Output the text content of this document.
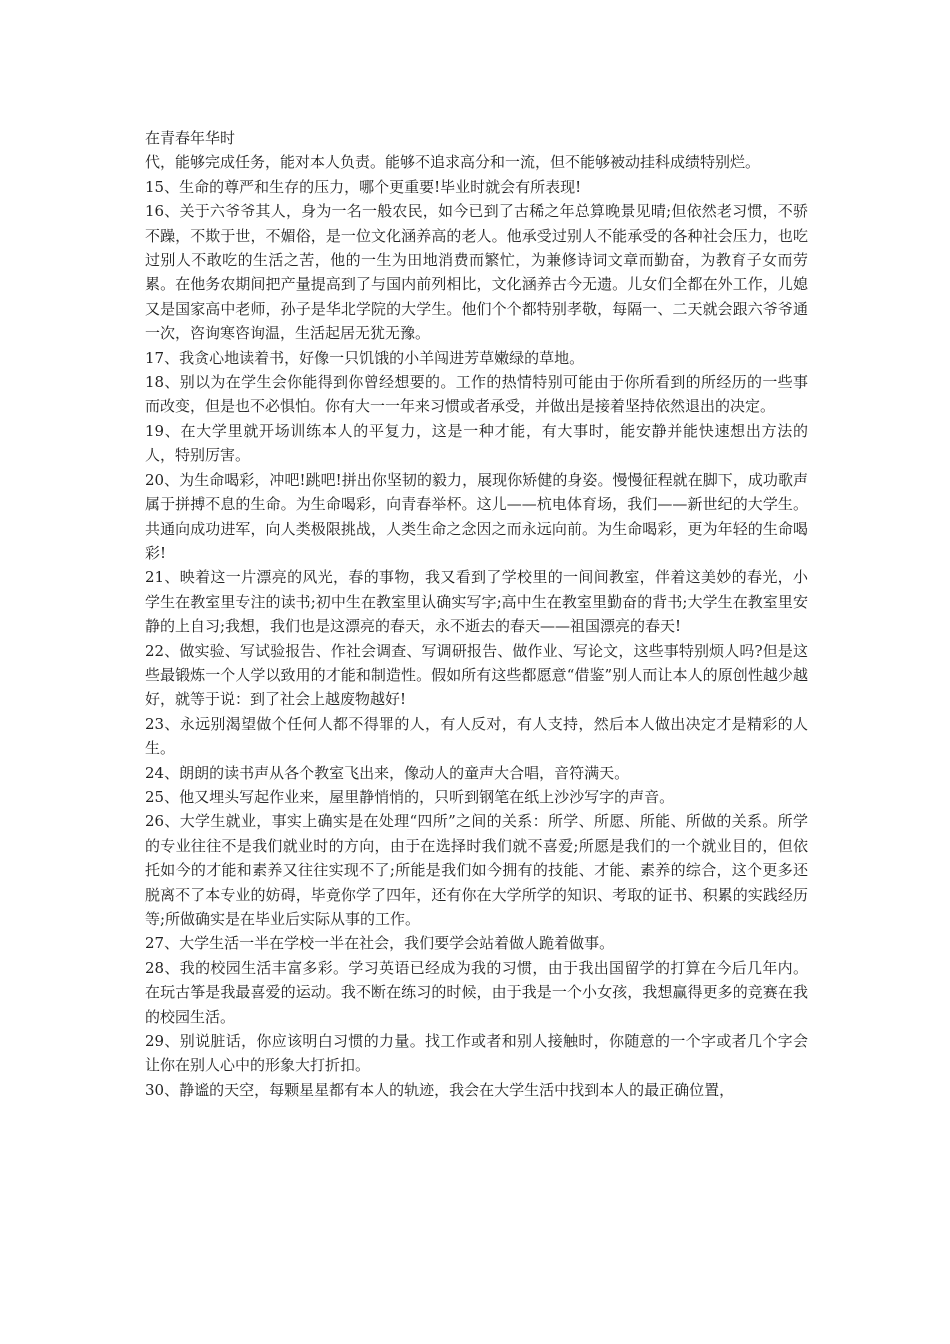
在青春年华时

代，能够完成任务，能对本人负责。能够不追求高分和一流，但不能够被动挂科成绩特别烂。

15、生命的尊严和生存的压力，哪个更重要!毕业时就会有所表现!

16、关于六爷爷其人，身为一名一般农民，如今已到了古稀之年总算晚景见晴;但依然老习惯，不骄不躁，不欺于世，不媚俗，是一位文化涵养高的老人。他承受过别人不能承受的各种社会压力，也吃过别人不敢吃的生活之苦，他的一生为田地消费而繁忙，为兼修诗词文章而勤奋，为教育子女而劳累。在他务农期间把产量提高到了与国内前列相比，文化涵养古今无遗。儿女们全都在外工作，儿媳又是国家高中老师，孙子是华北学院的大学生。他们个个都特别孝敬，每隔一、二天就会跟六爷爷通一次，咨询寒咨询温，生活起居无犹无豫。

17、我贪心地读着书，好像一只饥饿的小羊闯进芳草嫩绿的草地。

18、别以为在学生会你能得到你曾经想要的。工作的热情特别可能由于你所看到的所经历的一些事而改变，但是也不必惧怕。你有大一一年来习惯或者承受，并做出是接着坚持依然退出的决定。

19、在大学里就开场训练本人的平复力，这是一种才能，有大事时，能安静并能快速想出方法的人，特别厉害。

20、为生命喝彩，冲吧!跳吧!拼出你坚韧的毅力，展现你矫健的身姿。慢慢征程就在脚下，成功歌声属于拼搏不息的生命。为生命喝彩，向青春举杯。这儿——杭电体育场，我们——新世纪的大学生。共通向成功进军，向人类极限挑战，人类生命之念因之而永远向前。为生命喝彩，更为年轻的生命喝彩!

21、映着这一片漂亮的风光，春的事物，我又看到了学校里的一间间教室，伴着这美妙的春光，小学生在教室里专注的读书;初中生在教室里认确实写字;高中生在教室里勤奋的背书;大学生在教室里安静的上自习;我想，我们也是这漂亮的春天，永不逝去的春天——祖国漂亮的春天!

22、做实验、写试验报告、作社会调查、写调研报告、做作业、写论文，这些事特别烦人吗?但是这些最锻炼一个人学以致用的才能和制造性。假如所有这些都愿意“借鉴”别人而让本人的原创性越少越好，就等于说：到了社会上越废物越好!

23、永远别渴望做个任何人都不得罪的人，有人反对，有人支持，然后本人做出决定才是精彩的人生。

24、朗朗的读书声从各个教室飞出来，像动人的童声大合唱，音符满天。

25、他又埋头写起作业来，屋里静悄悄的，只听到钢笔在纸上沙沙写字的声音。

26、大学生就业，事实上确实是在处理“四所”之间的关系：所学、所愿、所能、所做的关系。所学的专业往往不是我们就业时的方向，由于在选择时我们就不喜爱;所愿是我们的一个就业目的，但依托如今的才能和素养又往往实现不了;所能是我们如今拥有的技能、才能、素养的综合，这个更多还脱离不了本专业的妨碍，毕竟你学了四年，还有你在大学所学的知识、考取的证书、积累的实践经历等;所做确实是在毕业后实际从事的工作。

27、大学生活一半在学校一半在社会，我们要学会站着做人跪着做事。

28、我的校园生活丰富多彩。学习英语已经成为我的习惯，由于我出国留学的打算在今后几年内。在玩古筝是我最喜爱的运动。我不断在练习的时候，由于我是一个小女孩，我想赢得更多的竞赛在我的校园生活。

29、别说脏话，你应该明白习惯的力量。找工作或者和别人接触时，你随意的一个字或者几个字会让你在别人心中的形象大打折扣。

30、静谧的天空，每颗星星都有本人的轨迹，我会在大学生活中找到本人的最正确位置，
